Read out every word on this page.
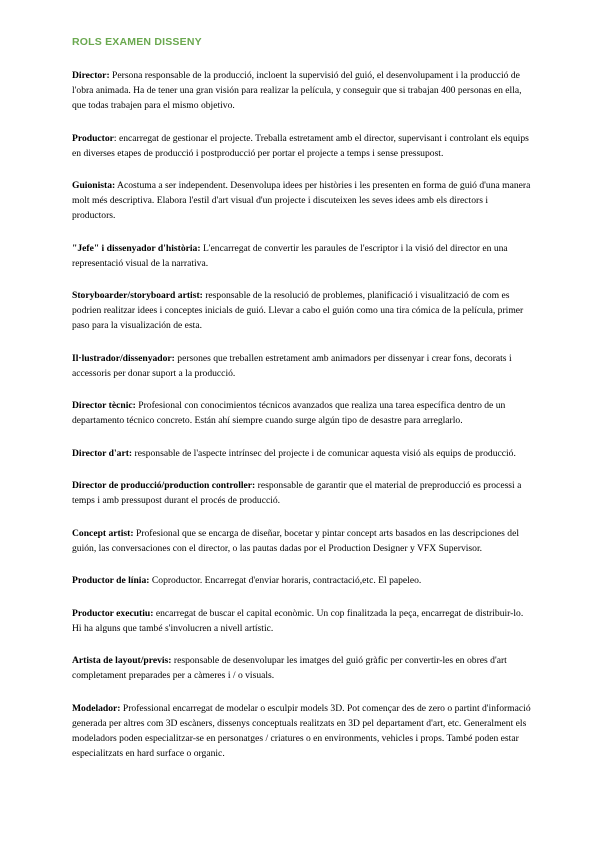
ROLS EXAMEN DISSENY

Director: Persona responsable de la producció, incloent la supervisió del guió, el desenvolupament i la producció de l'obra animada. Ha de tener una gran visión para realizar la película, y conseguir que si trabajan 400 personas en ella, que todas trabajen para el mismo objetivo.

Productor: encarregat de gestionar el projecte. Treballa estretament amb el director, supervisant i controlant els equips en diverses etapes de producció i postproducció per portar el projecte a temps i sense pressupost.

Guionista: Acostuma a ser independent. Desenvolupa idees per històries i les presenten en forma de guió d'una manera molt més descriptiva. Elabora l'estil d'art visual d'un projecte i discuteixen les seves idees amb els directors i productors.

"Jefe" i dissenyador d'història: L'encarregat de convertir les paraules de l'escriptor i la visió del director en una representació visual de la narrativa.

Storyboarder/storyboard artist: responsable de la resolució de problemes, planificació i visualització de com es podrien realitzar idees i conceptes inicials de guió. Llevar a cabo el guión como una tira cómica de la película, primer paso para la visualización de esta.

Il·lustrador/dissenyador: persones que treballen estretament amb animadors per dissenyar i crear fons, decorats i accessoris per donar suport a la producció.

Director tècnic: Profesional con conocimientos técnicos avanzados que realiza una tarea específica dentro de un departamento técnico concreto. Están ahí siempre cuando surge algún tipo de desastre para arreglarlo.

Director d'art: responsable de l'aspecte intrínsec del projecte i de comunicar aquesta visió als equips de producció.

Director de producció/production controller: responsable de garantir que el material de preproducció es processi a temps i amb pressupost durant el procés de producció.

Concept artist: Profesional que se encarga de diseñar, bocetar y pintar concept arts basados en las descripciones del guión, las conversaciones con el director, o las pautas dadas por el Production Designer y VFX Supervisor.

Productor de línia: Coproductor. Encarregat d'enviar horaris, contractació,etc. El papeleo.

Productor executiu: encarregat de buscar el capital econòmic. Un cop finalitzada la peça, encarregat de distribuir-lo. Hi ha alguns que també s'involucren a nivell artístic.

Artista de layout/previs: responsable de desenvolupar les imatges del guió gràfic per convertir-les en obres d'art completament preparades per a càmeres i / o visuals.

Modelador: Professional encarregat de modelar o esculpir models 3D. Pot començar des de zero o partint d'informació generada per altres com 3D escàners, dissenys conceptuals realitzats en 3D pel departament d'art, etc. Generalment els modeladors poden especialitzar-se en personatges / criatures o en environments, vehicles i props. També poden estar especialitzats en hard surface o organic.
